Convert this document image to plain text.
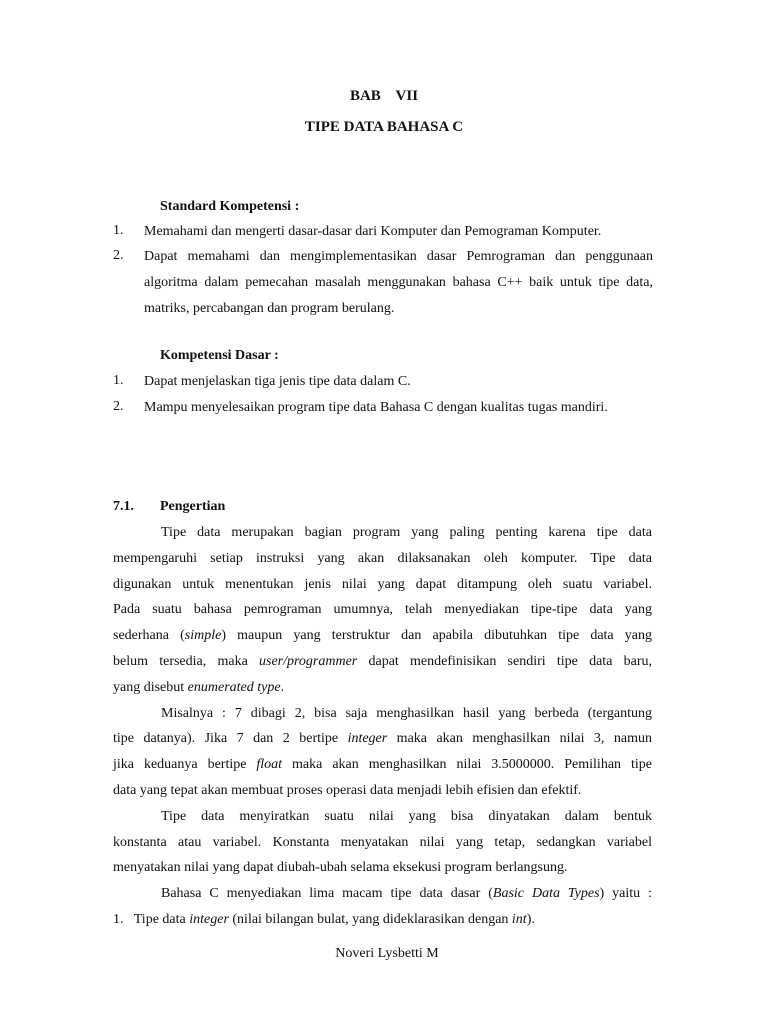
BAB    VII
TIPE DATA BAHASA C
Standard Kompetensi :
1. Memahami dan mengerti dasar-dasar dari Komputer dan Pemograman Komputer.
2. Dapat memahami dan mengimplementasikan dasar Pemrograman dan penggunaan algoritma dalam pemecahan masalah menggunakan bahasa C++ baik untuk tipe data, matriks, percabangan dan program berulang.
Kompetensi Dasar :
1. Dapat menjelaskan tiga jenis tipe data dalam C.
2. Mampu menyelesaikan program tipe data Bahasa C dengan kualitas tugas mandiri.
7.1. Pengertian
Tipe data merupakan bagian program yang paling penting karena tipe data
mempengaruhi setiap instruksi yang akan dilaksanakan oleh komputer. Tipe data
digunakan untuk menentukan jenis nilai yang dapat ditampung oleh suatu variabel.
Pada suatu bahasa pemrograman umumnya, telah menyediakan tipe-tipe data yang
sederhana (simple) maupun yang terstruktur dan apabila dibutuhkan tipe data yang
belum tersedia, maka user/programmer dapat mendefinisikan sendiri tipe data baru,
yang disebut enumerated type.
Misalnya : 7 dibagi 2, bisa saja menghasilkan hasil yang berbeda (tergantung
tipe datanya). Jika 7 dan 2 bertipe integer maka akan menghasilkan nilai 3, namun
jika keduanya bertipe float maka akan menghasilkan nilai 3.5000000. Pemilihan tipe
data yang tepat akan membuat proses operasi data menjadi lebih efisien dan efektif.
Tipe data menyiratkan suatu nilai yang bisa dinyatakan dalam bentuk
konstanta atau variabel. Konstanta menyatakan nilai yang tetap, sedangkan variabel
menyatakan nilai yang dapat diubah-ubah selama eksekusi program berlangsung.
Bahasa C menyediakan lima macam tipe data dasar (Basic Data Types) yaitu :
1.   Tipe data integer (nilai bilangan bulat, yang dideklarasikan dengan int).
Noveri Lysbetti M
